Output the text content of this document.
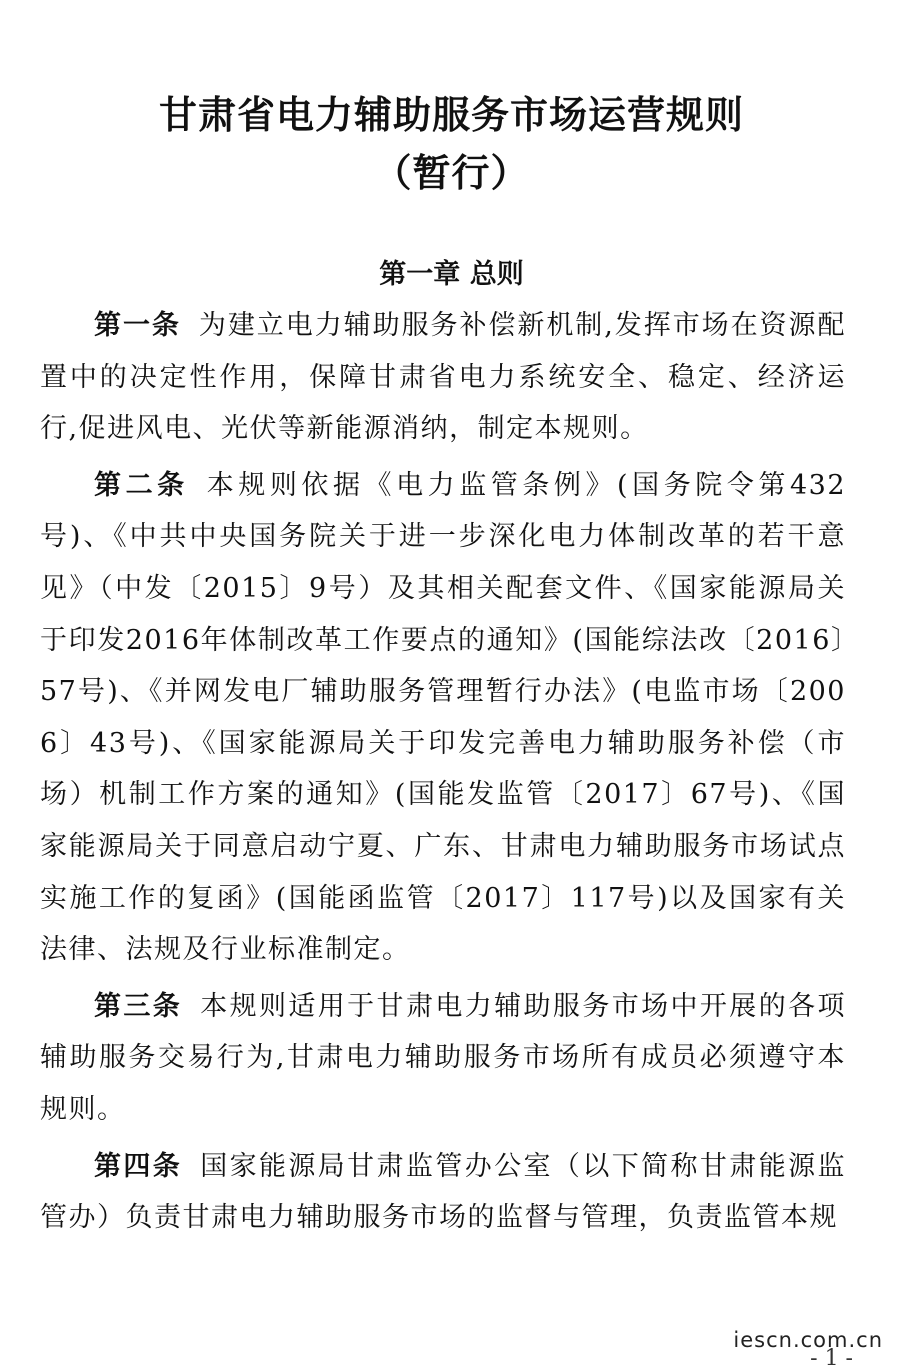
甘肃省电力辅助服务市场运营规则
（暂行）
第一章 总则

第一条 为建立电力辅助服务补偿新机制,发挥市场在资源配置中的决定性作用，保障甘肃省电力系统安全、稳定、经济运行,促进风电、光伏等新能源消纳，制定本规则。

第二条 本规则依据《电力监管条例》(国务院令第432号)、《中共中央国务院关于进一步深化电力体制改革的若干意见》（中发〔2015〕9号）及其相关配套文件、《国家能源局关于印发2016年体制改革工作要点的通知》(国能综法改〔2016〕57号)、《并网发电厂辅助服务管理暂行办法》(电监市场〔2006〕43号)、《国家能源局关于印发完善电力辅助服务补偿（市场）机制工作方案的通知》(国能发监管〔2017〕67号)、《国家能源局关于同意启动宁夏、广东、甘肃电力辅助服务市场试点实施工作的复函》(国能函监管〔2017〕117号)以及国家有关法律、法规及行业标准制定。

第三条 本规则适用于甘肃电力辅助服务市场中开展的各项辅助服务交易行为,甘肃电力辅助服务市场所有成员必须遵守本规则。

第四条 国家能源局甘肃监管办公室（以下简称甘肃能源监管办）负责甘肃电力辅助服务市场的监督与管理，负责监管本规

iescn.com.cn
- 1 -
